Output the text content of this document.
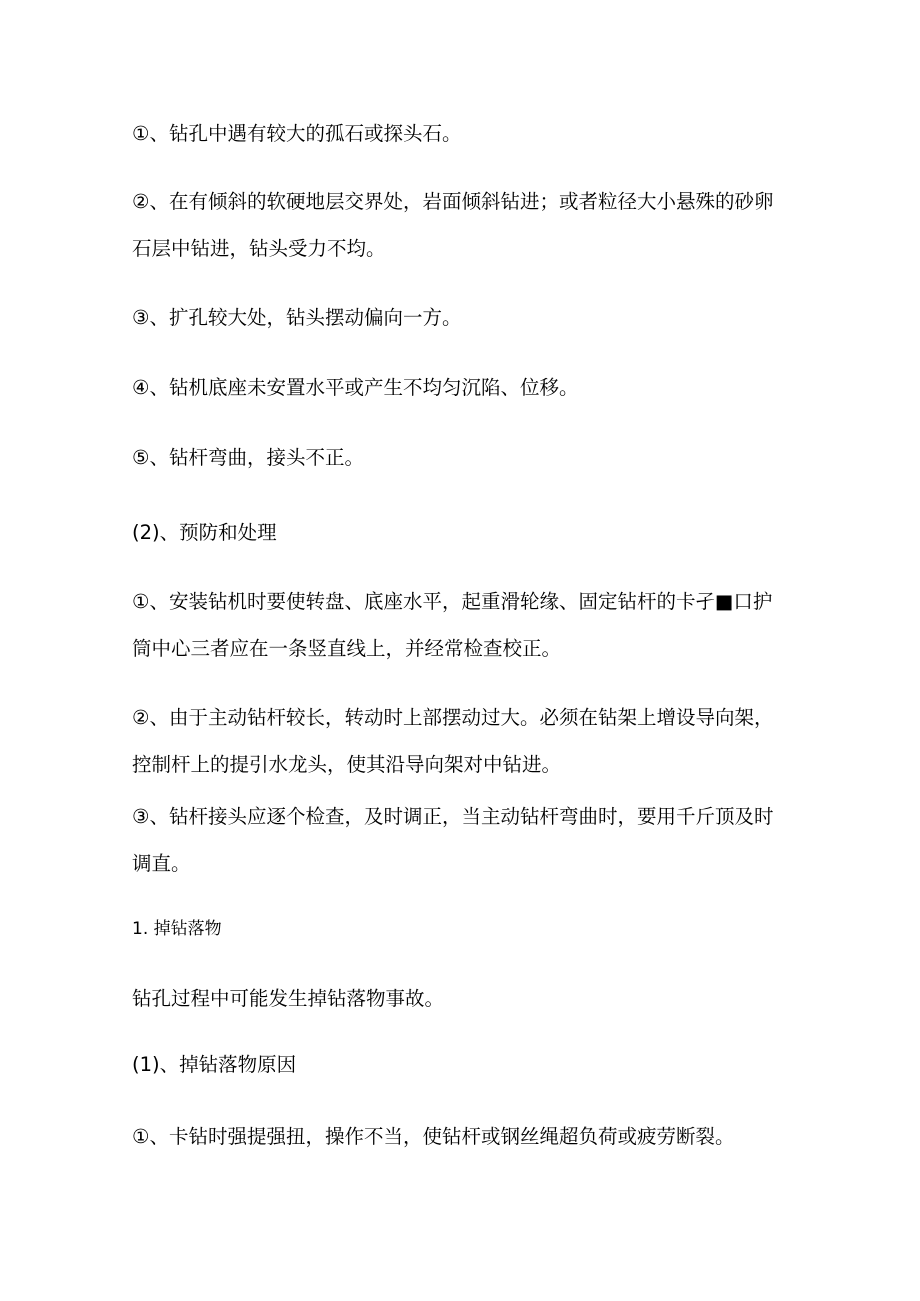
①、钻孔中遇有较大的孤石或探头石。
②、在有倾斜的软硬地层交界处，岩面倾斜钻进；或者粒径大小悬殊的砂卵
石层中钻进，钻头受力不均。
③、扩孔较大处，钻头摆动偏向一方。
④、钻机底座未安置水平或产生不均匀沉陷、位移。
⑤、钻杆弯曲，接头不正。
(2)、预防和处理
①、安装钻机时要使转盘、底座水平，起重滑轮缘、固定钻杆的卡孑■口护
筒中心三者应在一条竖直线上，并经常检查校正。
②、由于主动钻杆较长，转动时上部摆动过大。必须在钻架上增设导向架，
控制杆上的提引水龙头，使其沿导向架对中钻进。
③、钻杆接头应逐个检查，及时调正，当主动钻杆弯曲时，要用千斤顶及时
调直。
1. 掉钻落物
钻孔过程中可能发生掉钻落物事故。
(1)、掉钻落物原因
①、卡钻时强提强扭，操作不当，使钻杆或钢丝绳超负荷或疲劳断裂。
